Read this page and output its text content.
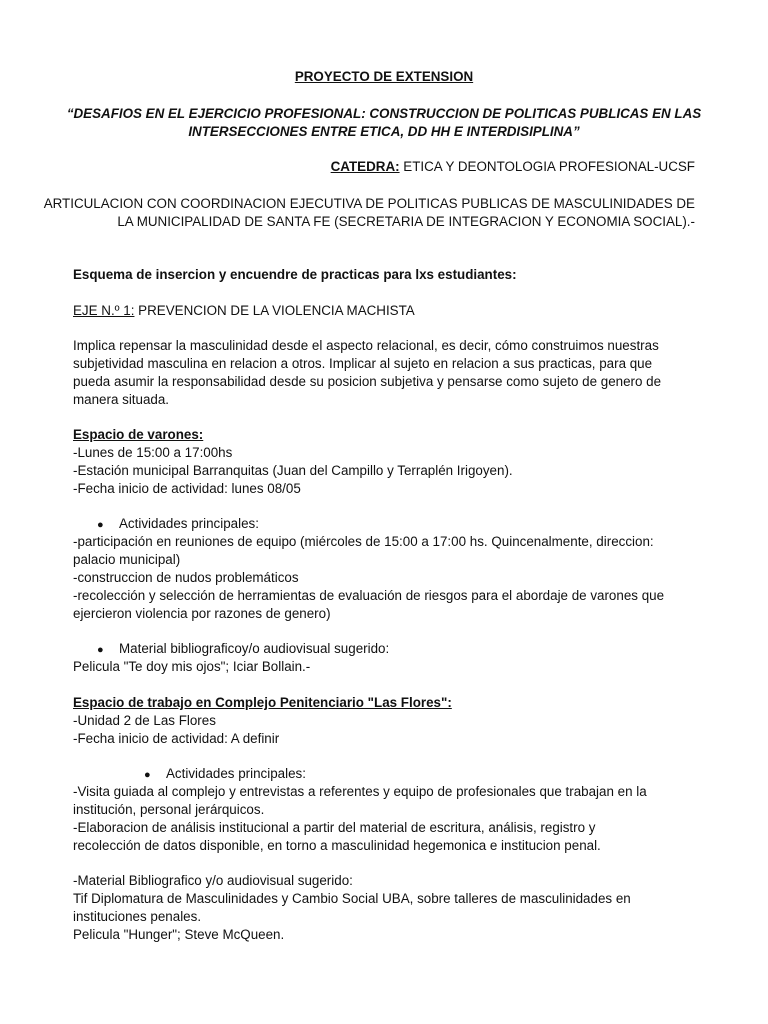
PROYECTO DE EXTENSION
“DESAFIOS EN EL EJERCICIO PROFESIONAL: CONSTRUCCION DE POLITICAS PUBLICAS EN LAS
INTERSECCIONES ENTRE ETICA, DD HH E INTERDISIPLINA”
CATEDRA: ETICA Y DEONTOLOGIA PROFESIONAL-UCSF
ARTICULACION CON COORDINACION EJECUTIVA DE POLITICAS PUBLICAS DE MASCULINIDADES DE
LA MUNICIPALIDAD DE SANTA FE (SECRETARIA DE INTEGRACION Y ECONOMIA SOCIAL).-
Esquema de insercion y encuendre de practicas para lxs estudiantes:
EJE N.º 1: PREVENCION DE LA VIOLENCIA MACHISTA
Implica repensar la masculinidad desde el aspecto relacional, es decir, cómo construimos nuestras
subjetividad masculina en relacion a otros. Implicar al sujeto en relacion a sus practicas, para que
pueda asumir la responsabilidad desde su posicion subjetiva y pensarse como sujeto de genero de
manera situada.
Espacio de varones:
-Lunes de 15:00 a 17:00hs
-Estación municipal Barranquitas (Juan del Campillo y Terraplén Irigoyen).
-Fecha inicio de actividad: lunes 08/05
● Actividades principales:
-participación en reuniones de equipo (miércoles de 15:00 a 17:00 hs. Quincenalmente, direccion:
palacio municipal)
-construccion de nudos problemáticos
-recolección y selección de herramientas de evaluación de riesgos para el abordaje de varones que
ejercieron violencia por razones de genero)
● Material bibliograficoy/o audiovisual sugerido:
Pelicula "Te doy mis ojos"; Iciar Bollain.-
Espacio de trabajo en Complejo Penitenciario "Las Flores":
-Unidad 2 de Las Flores
-Fecha inicio de actividad: A definir
● Actividades principales:
-Visita guiada al complejo y entrevistas a referentes y equipo de profesionales que trabajan en la
institución, personal jerárquicos.
-Elaboracion de análisis institucional a partir del material de escritura, análisis, registro y
recolección de datos disponible, en torno a masculinidad hegemonica e institucion penal.
-Material Bibliografico y/o audiovisual sugerido:
Tif Diplomatura de Masculinidades y Cambio Social UBA, sobre talleres de masculinidades en
instituciones penales.
Pelicula "Hunger"; Steve McQueen.
